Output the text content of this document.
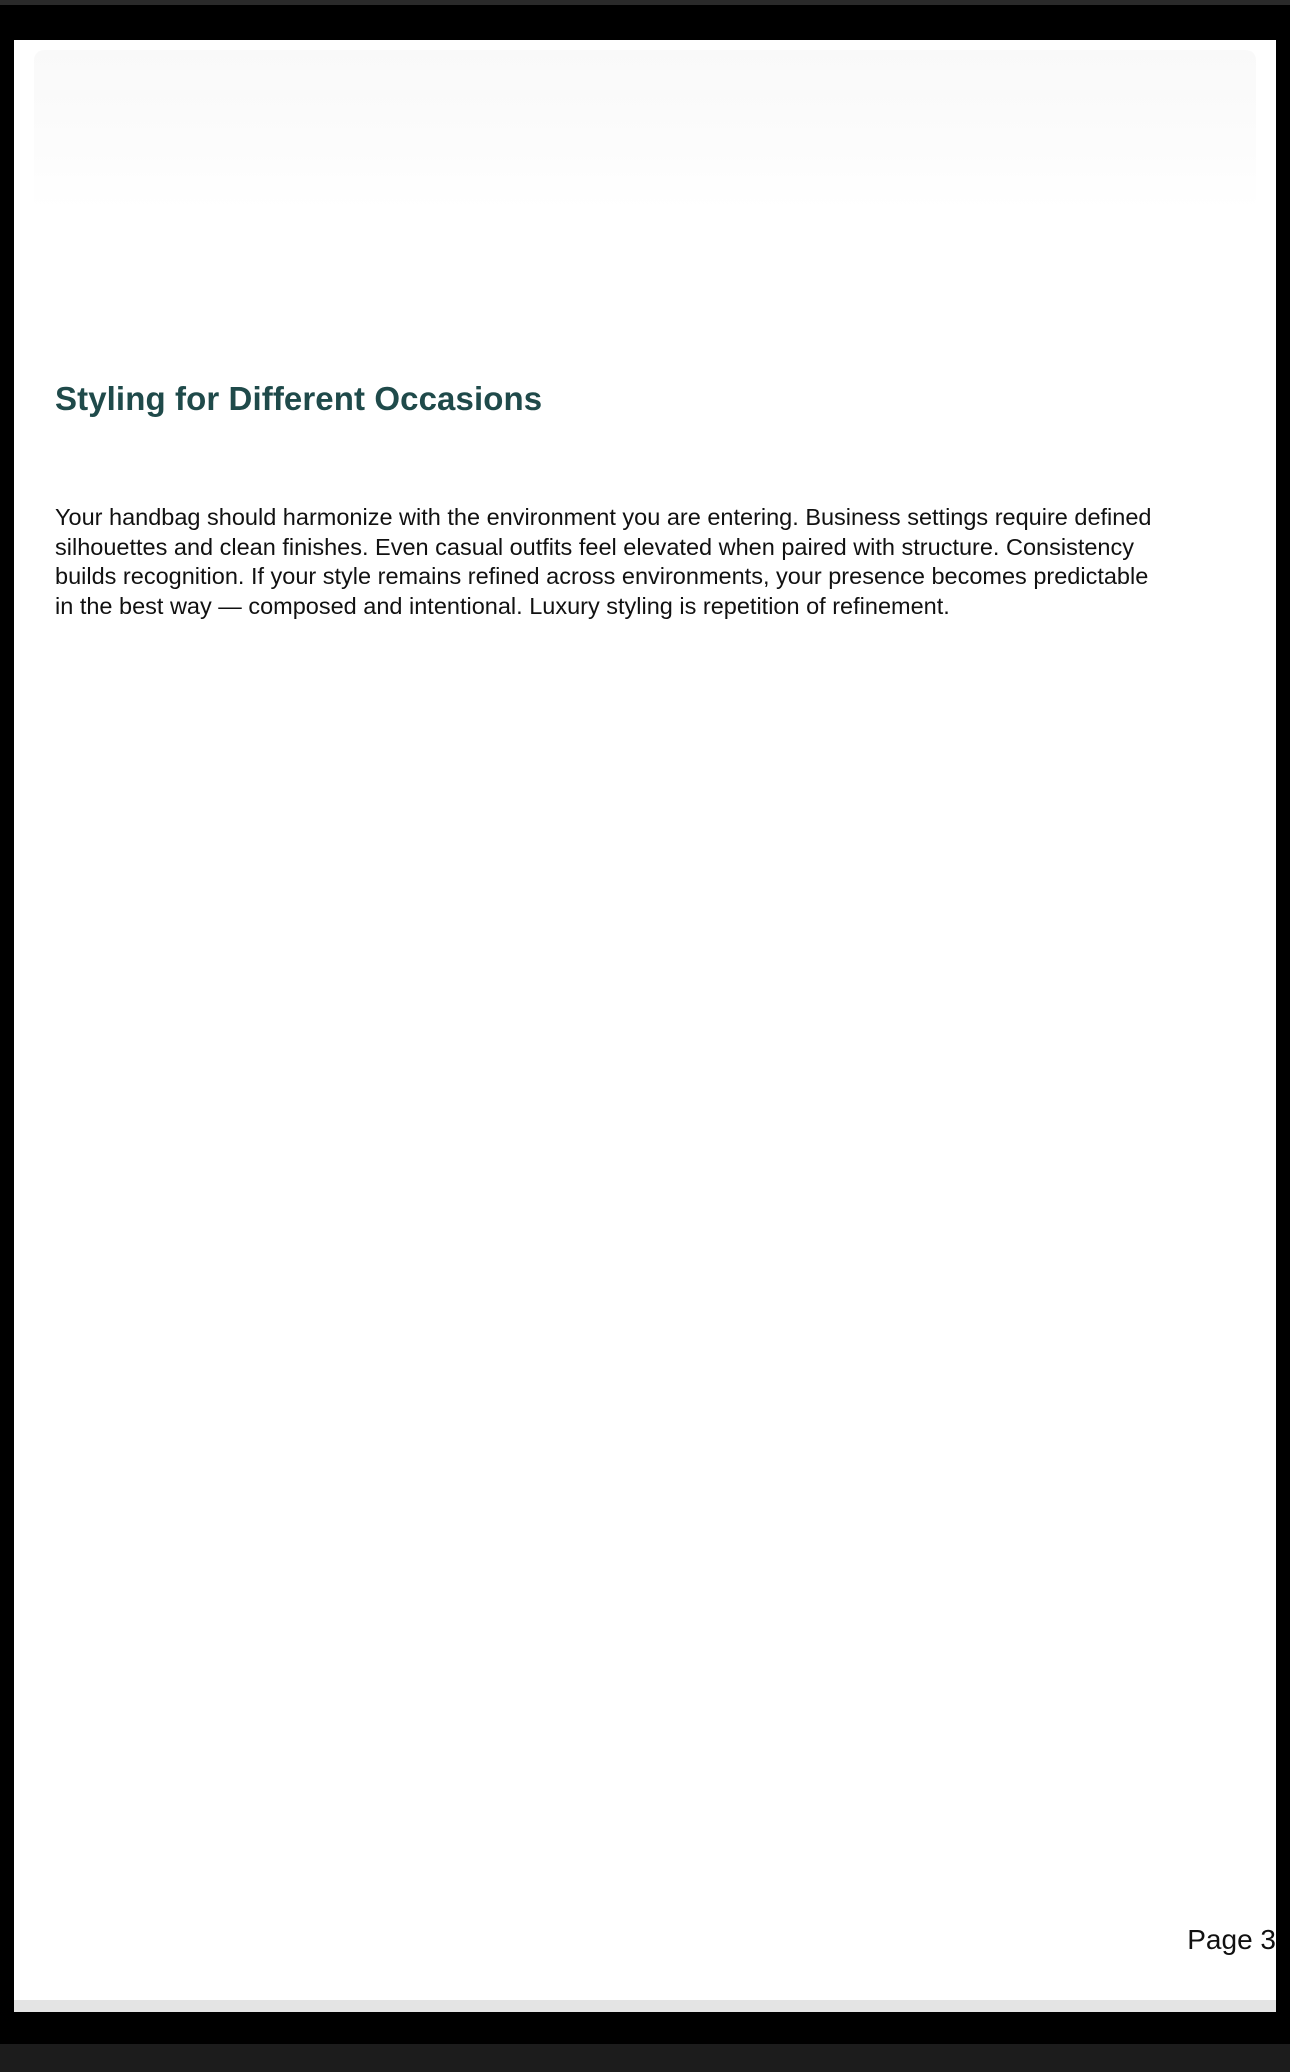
Styling for Different Occasions

Your handbag should harmonize with the environment you are entering. Business settings require defined silhouettes and clean finishes. Even casual outfits feel elevated when paired with structure. Consistency builds recognition. If your style remains refined across environments, your presence becomes predictable in the best way — composed and intentional. Luxury styling is repetition of refinement.

Page 3
